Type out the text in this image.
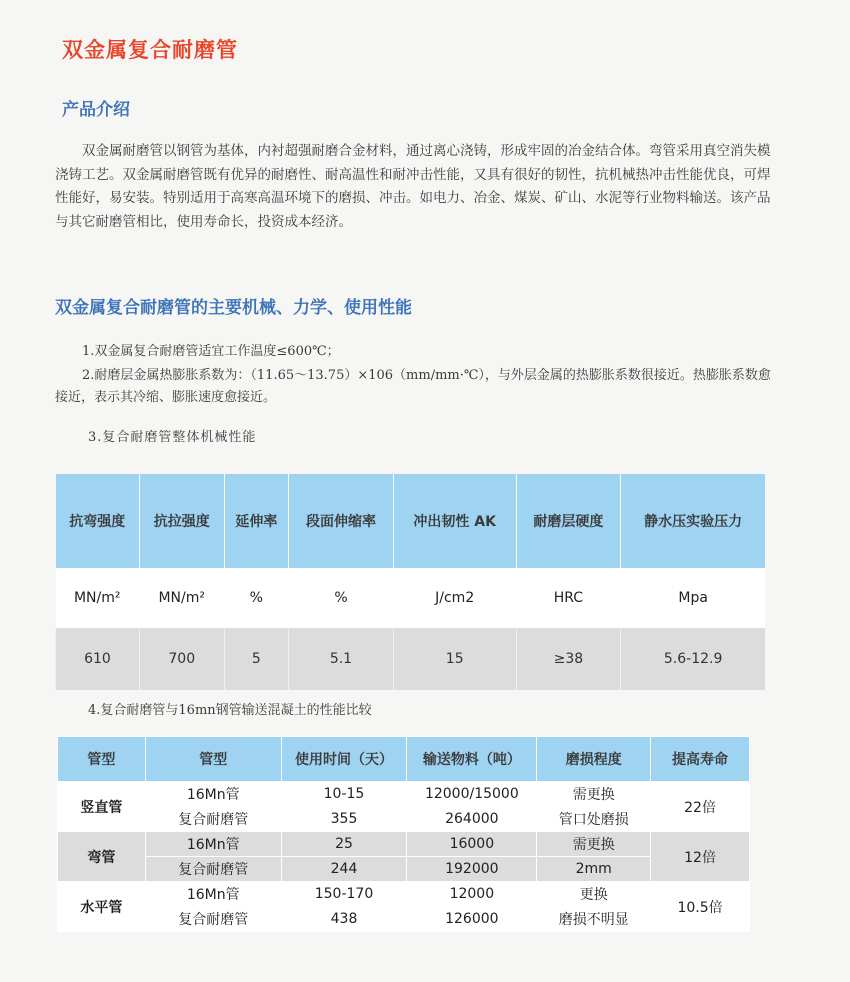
双金属复合耐磨管
产品介绍

双金属耐磨管以钢管为基体，内衬超强耐磨合金材料，通过离心浇铸，形成牢固的冶金结合体。弯管采用真空消失模浇铸工艺。双金属耐磨管既有优异的耐磨性、耐高温性和耐冲击性能，又具有很好的韧性，抗机械热冲击性能优良，可焊性能好，易安装。特别适用于高寒高温环境下的磨损、冲击。如电力、冶金、煤炭、矿山、水泥等行业物料输送。该产品与其它耐磨管相比，使用寿命长，投资成本经济。

双金属复合耐磨管的主要机械、力学、使用性能

1.双金属复合耐磨管适宜工作温度≤600℃；

2.耐磨层金属热膨胀系数为：（11.65～13.75）×106（mm/mm·℃），与外层金属的热膨胀系数很接近。热膨胀系数愈接近，表示其冷缩、膨胀速度愈接近。

3.复合耐磨管整体机械性能

抗弯强度	抗拉强度	延伸率	段面伸缩率	冲出韧性 AK	耐磨层硬度	静水压实验压力
MN/m²	MN/m²	%	%	J/cm2	HRC	Mpa
610	700	5	5.1	15	≥38	5.6-12.9

4.复合耐磨管与16mn钢管输送混凝土的性能比较

管型	管型	使用时间（天）	输送物料（吨）	磨损程度	提高寿命
竖直管	16Mn管	10-15	12000/15000	需更换	22倍
	复合耐磨管	355	264000	管口处磨损	
弯管	16Mn管	25	16000	需更换	12倍
	复合耐磨管	244	192000	2mm	
水平管	16Mn管	150-170	12000	更换	10.5倍
	复合耐磨管	438	126000	磨损不明显	
